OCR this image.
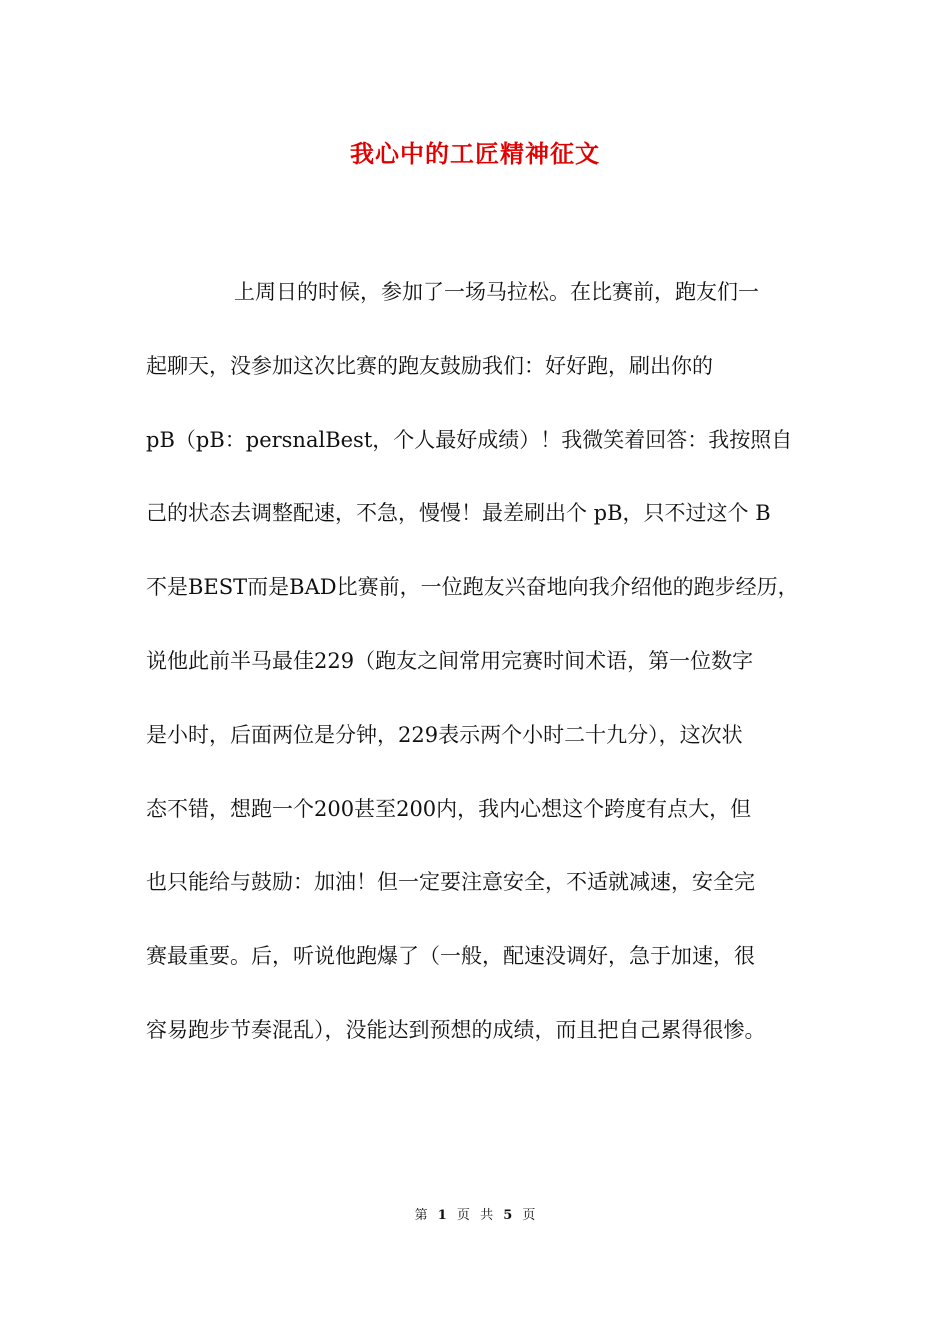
我心中的工匠精神征文
上周日的时候，参加了一场马拉松。在比赛前，跑友们一
起聊天，没参加这次比赛的跑友鼓励我们：好好跑，刷出你的
pB（pB：persnalBest，个人最好成绩）！我微笑着回答：我按照自
己的状态去调整配速，不急，慢慢！最差刷出个 pB，只不过这个 B
不是BEST而是BAD比赛前，一位跑友兴奋地向我介绍他的跑步经历，
说他此前半马最佳229（跑友之间常用完赛时间术语，第一位数字
是小时，后面两位是分钟，229表示两个小时二十九分），这次状
态不错，想跑一个200甚至200内，我内心想这个跨度有点大，但
也只能给与鼓励：加油！但一定要注意安全，不适就减速，安全完
赛最重要。后，听说他跑爆了（一般，配速没调好，急于加速，很
容易跑步节奏混乱），没能达到预想的成绩，而且把自己累得很惨。

第 1 页 共 5 页
